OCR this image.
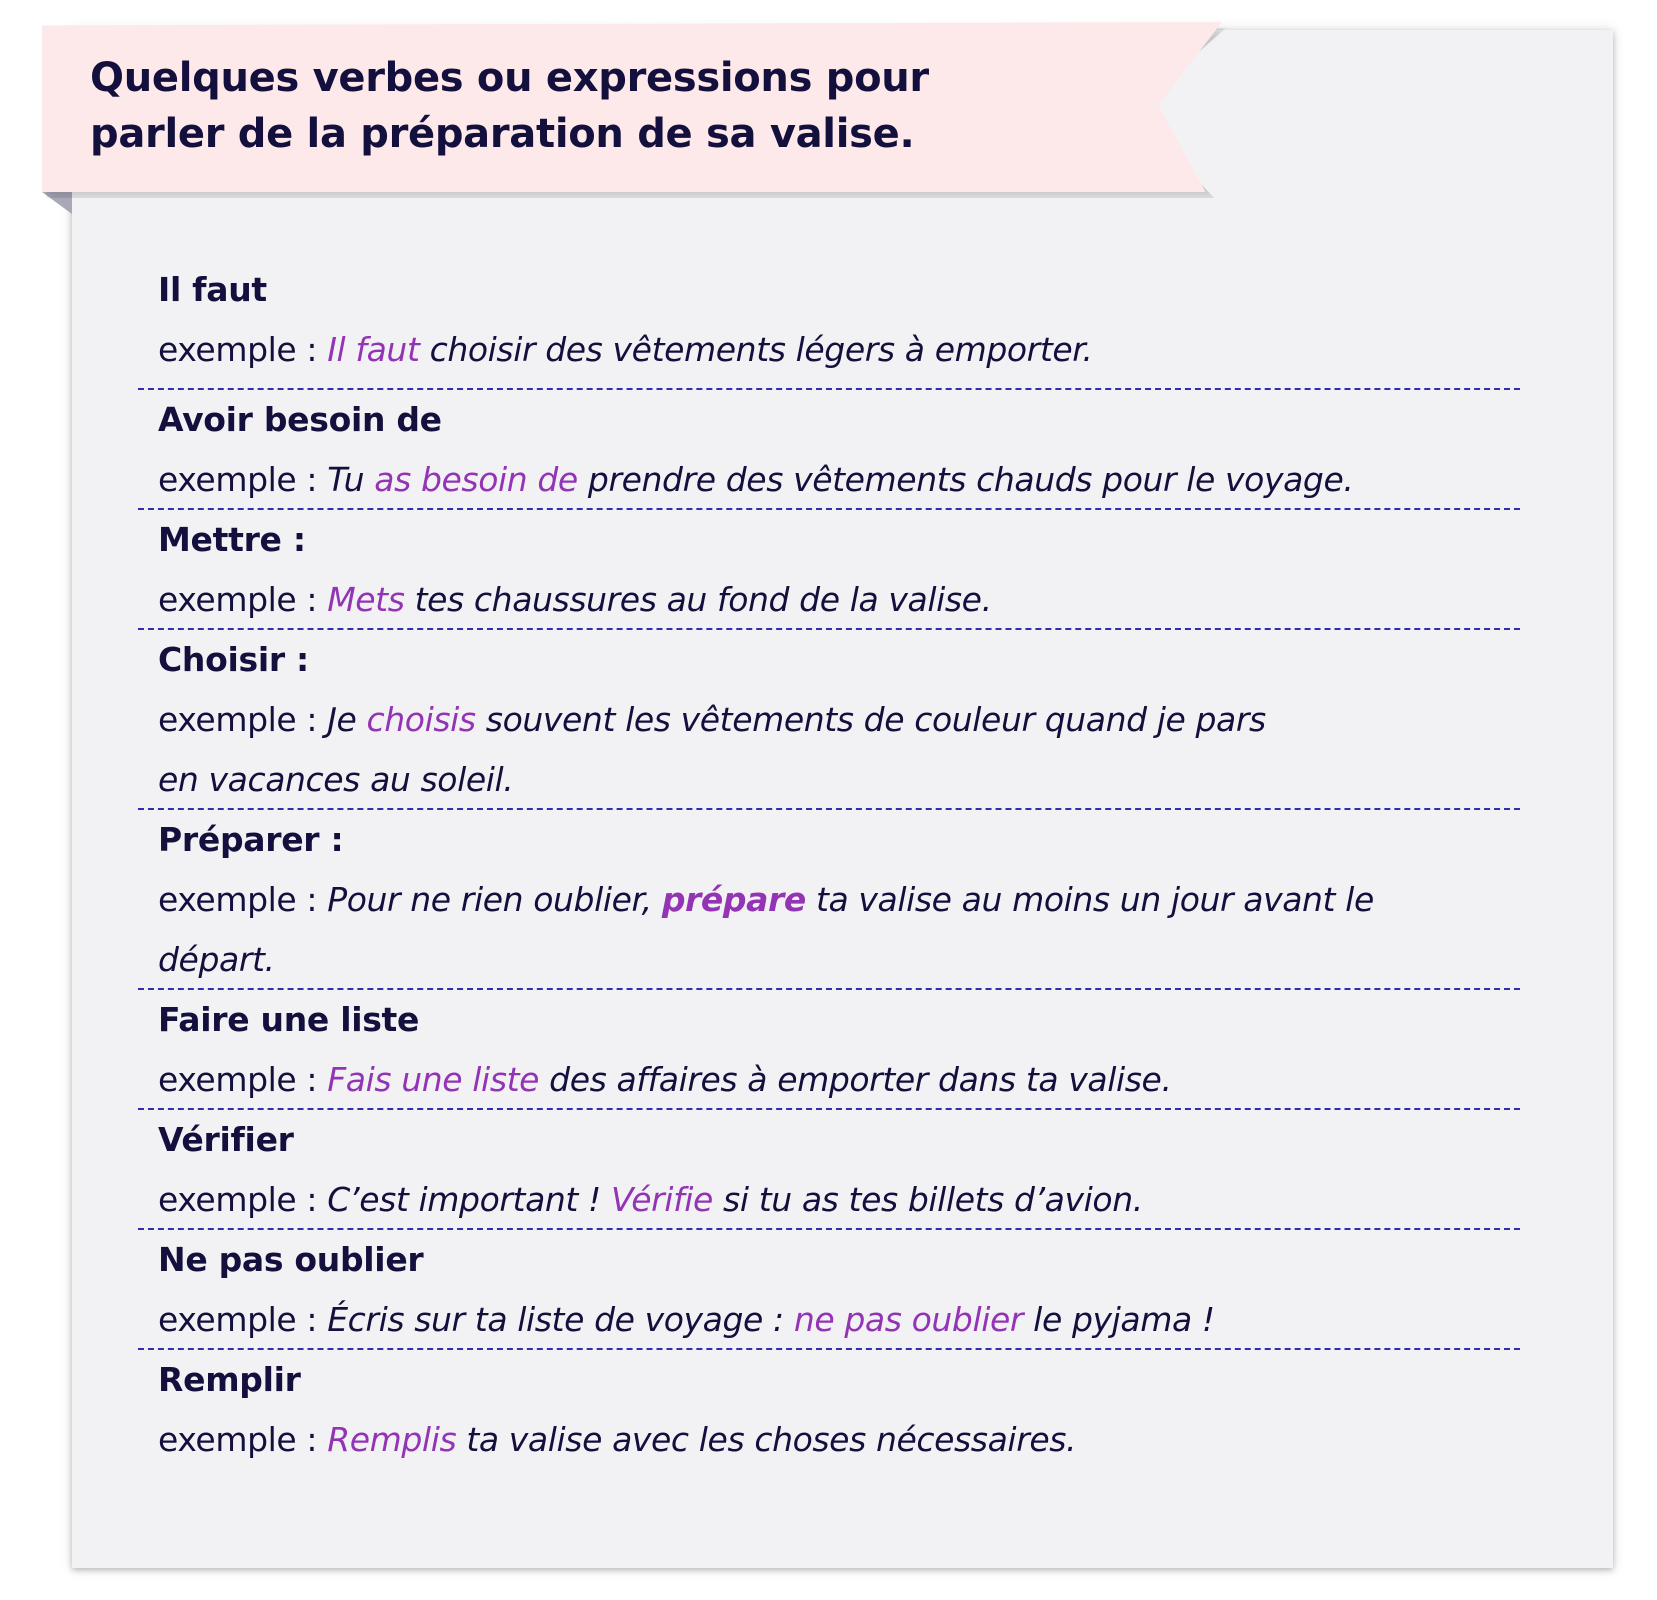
Quelques verbes ou expressions pour
parler de la préparation de sa valise.
Il faut
exemple : Il faut choisir des vêtements légers à emporter.
Avoir besoin de
exemple : Tu as besoin de prendre des vêtements chauds pour le voyage.
Mettre :
exemple : Mets tes chaussures au fond de la valise.
Choisir :
exemple : Je choisis souvent les vêtements de couleur quand je pars
en vacances au soleil.
Préparer :
exemple : Pour ne rien oublier, prépare ta valise au moins un jour avant le
départ.
Faire une liste
exemple : Fais une liste des affaires à emporter dans ta valise.
Vérifier
exemple : C’est important ! Vérifie si tu as tes billets d’avion.
Ne pas oublier
exemple : Écris sur ta liste de voyage : ne pas oublier le pyjama !
Remplir
exemple : Remplis ta valise avec les choses nécessaires.
